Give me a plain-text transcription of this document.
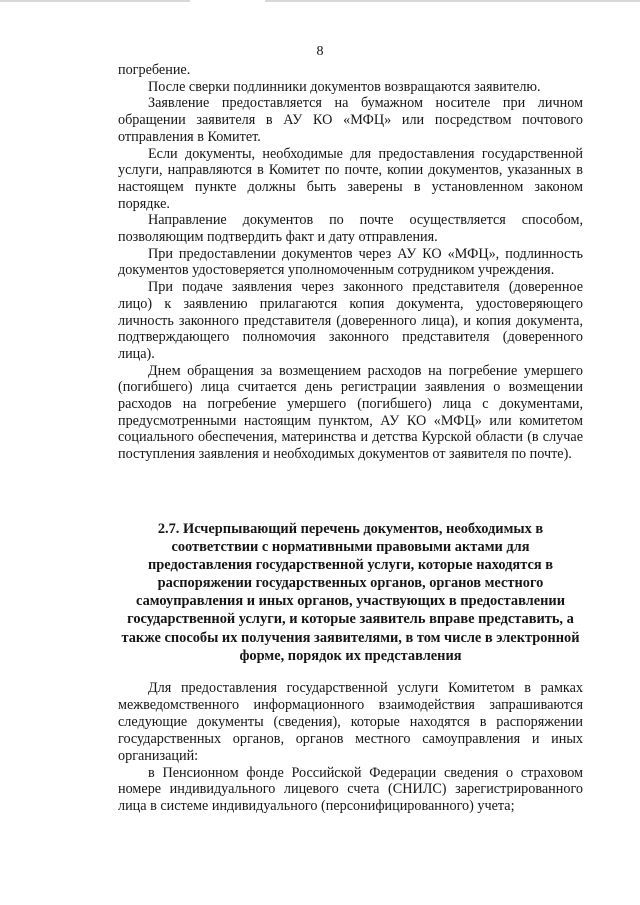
8

погребение.

После сверки подлинники документов возвращаются заявителю.

Заявление предоставляется на бумажном носителе при личном обращении заявителя в АУ КО «МФЦ» или посредством почтового отправления в Комитет.

Если документы, необходимые для предоставления государственной услуги, направляются в Комитет по почте, копии документов, указанных в настоящем пункте должны быть заверены в установленном законом порядке.

Направление документов по почте осуществляется способом, позволяющим подтвердить факт и дату отправления.

При предоставлении документов через АУ КО «МФЦ», подлинность документов удостоверяется уполномоченным сотрудником учреждения.

При подаче заявления через законного представителя (доверенное лицо) к заявлению прилагаются копия документа, удостоверяющего личность законного представителя (доверенного лица), и копия документа, подтверждающего полномочия законного представителя (доверенного лица).

Днем обращения за возмещением расходов на погребение умершего (погибшего) лица считается день регистрации заявления о возмещении расходов на погребение умершего (погибшего) лица с документами, предусмотренными настоящим пунктом, АУ КО «МФЦ» или комитетом социального обеспечения, материнства и детства Курской области (в случае поступления заявления и необходимых документов от заявителя по почте).

2.7. Исчерпывающий перечень документов, необходимых в соответствии с нормативными правовыми актами для предоставления государственной услуги, которые находятся в распоряжении государственных органов, органов местного самоуправления и иных органов, участвующих в предоставлении государственной услуги, и которые заявитель вправе представить, а также способы их получения заявителями, в том числе в электронной форме, порядок их представления

Для предоставления государственной услуги Комитетом в рамках межведомственного информационного взаимодействия запрашиваются следующие документы (сведения), которые находятся в распоряжении государственных органов, органов местного самоуправления и иных организаций:

в Пенсионном фонде Российской Федерации сведения о страховом номере индивидуального лицевого счета (СНИЛС) зарегистрированного лица в системе индивидуального (персонифицированного) учета;
